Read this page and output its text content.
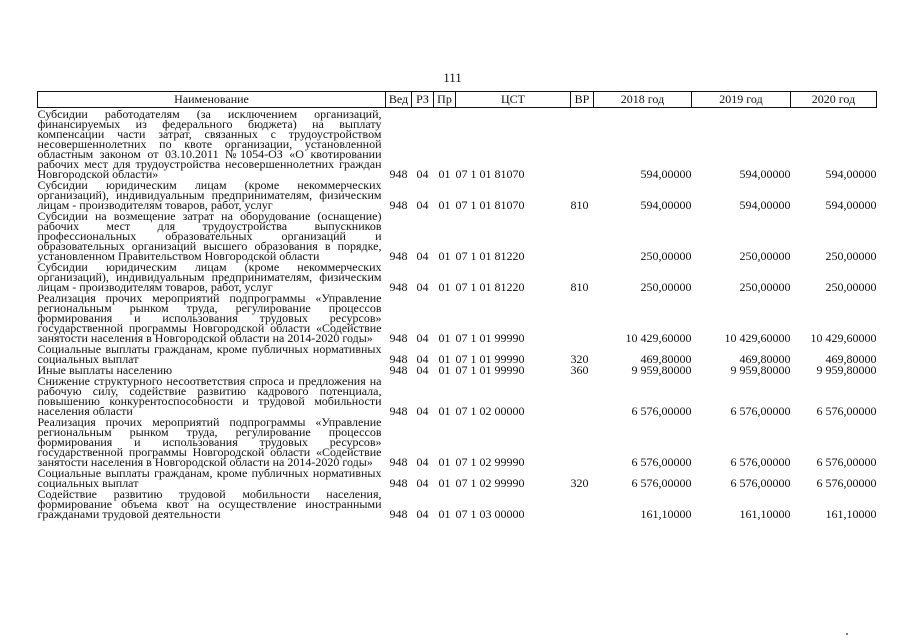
111
Наименование	Вед	РЗ	Пр	ЦСТ	ВР	2018 год	2019 год	2020 год
Субсидии работодателям (за исключением организаций, финансируемых из федерального бюджета) на выплату компенсации части затрат, связанных с трудоустройством несовершеннолетних по квоте организации, установленной областным законом от 03.10.2011 №1054-ОЗ «О квотировании рабочих мест для трудоустройства несовершеннолетних граждан Новгородской области»	948	04	01	07 1 01 81070		594,00000	594,00000	594,00000
Субсидии юридическим лицам (кроме некоммерческих организаций), индивидуальным предпринимателям, физическим лицам - производителям товаров, работ, услуг	948	04	01	07 1 01 81070	810	594,00000	594,00000	594,00000
Субсидии на возмещение затрат на оборудование (оснащение) рабочих мест для трудоустройства выпускников профессиональных образовательных организаций и образовательных организаций высшего образования в порядке, установленном Правительством Новгородской области	948	04	01	07 1 01 81220		250,00000	250,00000	250,00000
Субсидии юридическим лицам (кроме некоммерческих организаций), индивидуальным предпринимателям, физическим лицам - производителям товаров, работ, услуг	948	04	01	07 1 01 81220	810	250,00000	250,00000	250,00000
Реализация прочих мероприятий подпрограммы «Управление региональным рынком труда, регулирование процессов формирования и использования трудовых ресурсов» государственной программы Новгородской области «Содействие занятости населения в Новгородской области на 2014-2020 годы»	948	04	01	07 1 01 99990		10 429,60000	10 429,60000	10 429,60000
Социальные выплаты гражданам, кроме публичных нормативных социальных выплат	948	04	01	07 1 01 99990	320	469,80000	469,80000	469,80000
Иные выплаты населению	948	04	01	07 1 01 99990	360	9 959,80000	9 959,80000	9 959,80000
Снижение структурного несоответствия спроса и предложения на рабочую силу, содействие развитию кадрового потенциала, повышению конкурентоспособности и трудовой мобильности населения области	948	04	01	07 1 02 00000		6 576,00000	6 576,00000	6 576,00000
Реализация прочих мероприятий подпрограммы «Управление региональным рынком труда, регулирование процессов формирования и использования трудовых ресурсов» государственной программы Новгородской области «Содействие занятости населения в Новгородской области на 2014-2020 годы»	948	04	01	07 1 02 99990		6 576,00000	6 576,00000	6 576,00000
Социальные выплаты гражданам, кроме публичных нормативных социальных выплат	948	04	01	07 1 02 99990	320	6 576,00000	6 576,00000	6 576,00000
Содействие развитию трудовой мобильности населения, формирование объема квот на осуществление иностранными гражданами трудовой деятельности	948	04	01	07 1 03 00000		161,10000	161,10000	161,10000
